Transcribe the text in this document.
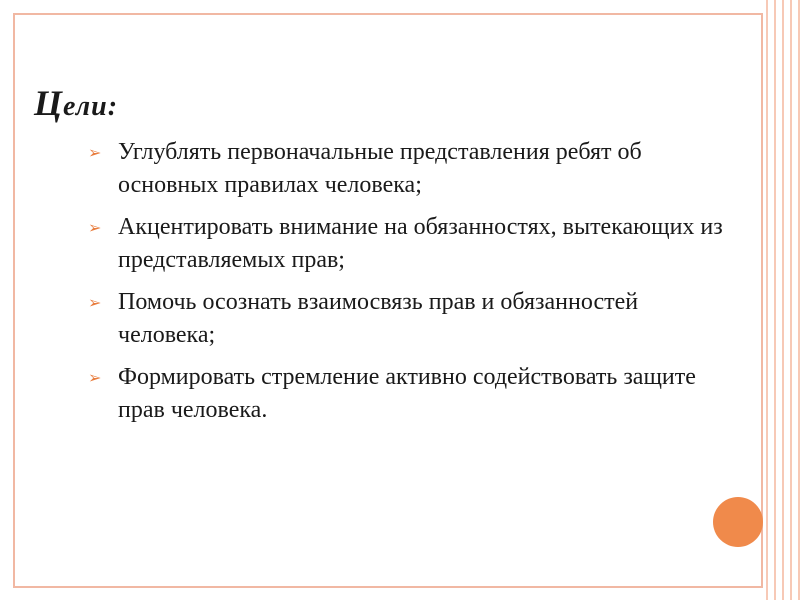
Цели:
➢ Углублять первоначальные представления ребят об основных правилах человека;
➢ Акцентировать внимание на обязанностях, вытекающих из представляемых прав;
➢ Помочь осознать взаимосвязь прав и обязанностей человека;
➢ Формировать стремление активно содействовать защите прав человека.
